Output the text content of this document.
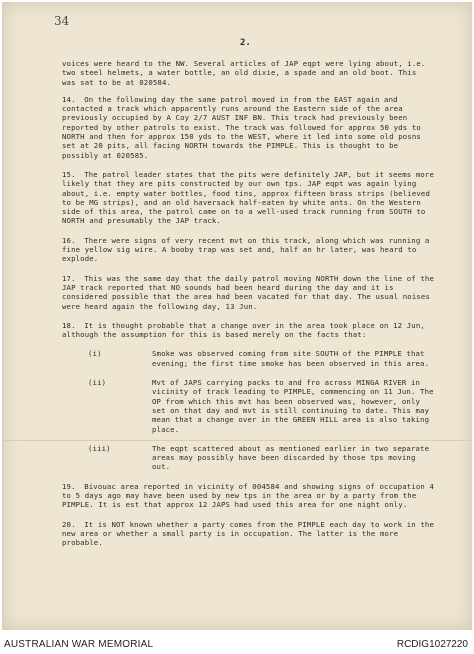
34
2.

voices were heard to the NW. Several articles of JAP eqpt were lying about, i.e. two steel helmets, a water bottle, an old dixie, a spade and an old boot. This was sat to be at 020584.

14. On the following day the same patrol moved in from the EAST again and contacted a track which apparently runs around the Eastern side of the area previously occupied by A Coy 2/7 AUST INF BN. This track had previously been reported by other patrols to exist. The track was followed for approx 50 yds to NORTH and then for approx 150 yds to the WEST, where it led into some old posns set at 20 pits, all facing NORTH towards the PIMPLE. This is thought to be possibly at 020585.

15. The patrol leader states that the pits were definitely JAP, but it seems more likely that they are pits constructed by our own tps. JAP eqpt was again lying about, i.e. empty water bottles, food tins, approx fifteen brass strips (believed to be MG strips), and an old haversack half-eaten by white ants. On the Western side of this area, the patrol came on to a well-used track running from SOUTH to NORTH and presumably the JAP track.

16. There were signs of very recent mvt on this track, along which was running a fine yellow sig wire. A booby trap was set and, half an hr later, was heard to explode.

17. This was the same day that the daily patrol moving NORTH down the line of the JAP track reported that NO sounds had been heard during the day and it is considered possible that the area had been vacated for that day. The usual noises were heard again the following day, 13 Jun.

18. It is thought probable that a change over in the area took place on 12 Jun, although the assumption for this is based merely on the facts that:

(i)	Smoke was observed coming from site SOUTH of the PIMPLE that evening; the first time smoke has been observed in this area.
(ii)	Mvt of JAPS carrying packs to and fro across MINGA RIVER in vicinity of track leading to PIMPLE, commencing on 11 Jun. The OP from which this mvt has been observed was, however, only set on that day and mvt is still continuing to date. This may mean that a change over in the GREEN HILL area is also taking place.
(iii)	The eqpt scattered about as mentioned earlier in two separate areas may possibly have been discarded by those tps moving out.

19. Bivouac area reported in vicinity of 004584 and showing signs of occupation 4 to 5 days ago may have been used by new tps in the area or by a party from the PIMPLE. It is est that approx 12 JAPS had used this area for one night only.

20. It is NOT known whether a party comes from the PIMPLE each day to work in the new area or whether a small party is in occupation. The latter is the more probable.

AUSTRALIAN WAR MEMORIAL	RCDIG1027220
